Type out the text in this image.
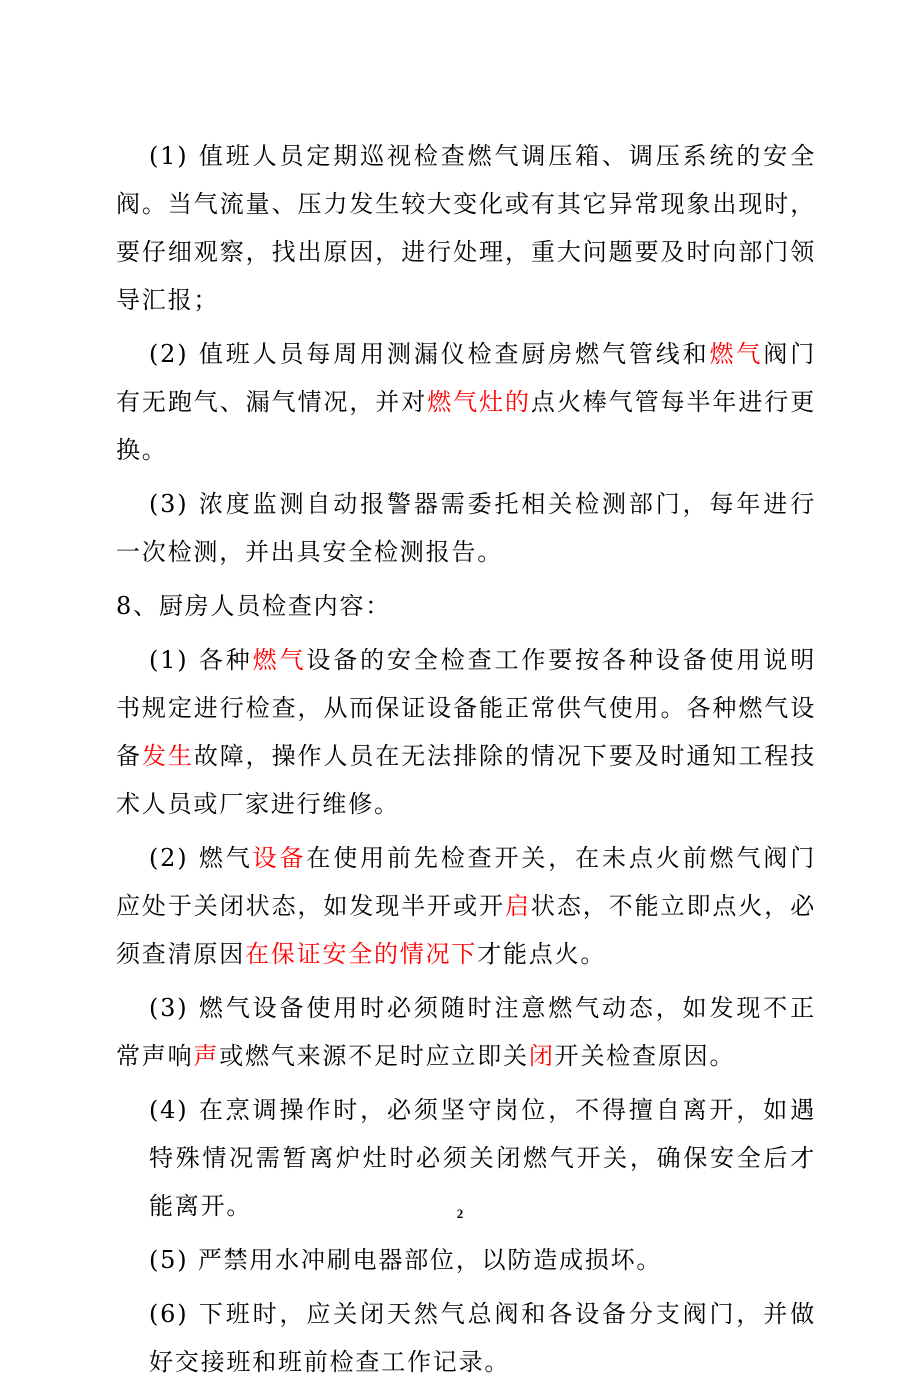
(1) 值班人员定期巡视检查燃气调压箱、调压系统的安全阀。当气流量、压力发生较大变化或有其它异常现象出现时，要仔细观察，找出原因，进行处理，重大问题要及时向部门领导汇报；

(2) 值班人员每周用测漏仪检查厨房燃气管线和燃气阀门有无跑气、漏气情况，并对燃气灶的点火棒气管每半年进行更换。

(3) 浓度监测自动报警器需委托相关检测部门，每年进行一次检测，并出具安全检测报告。

8、厨房人员检查内容：

(1) 各种燃气设备的安全检查工作要按各种设备使用说明书规定进行检查，从而保证设备能正常供气使用。各种燃气设备发生故障，操作人员在无法排除的情况下要及时通知工程技术人员或厂家进行维修。

(2) 燃气设备在使用前先检查开关，在未点火前燃气阀门应处于关闭状态，如发现半开或开启状态，不能立即点火，必须查清原因在保证安全的情况下才能点火。

(3) 燃气设备使用时必须随时注意燃气动态，如发现不正常声响声或燃气来源不足时应立即关闭开关检查原因。

(4) 在烹调操作时，必须坚守岗位，不得擅自离开，如遇特殊情况需暂离炉灶时必须关闭燃气开关，确保安全后才能离开。

(5) 严禁用水冲刷电器部位，以防造成损坏。

(6) 下班时，应关闭天然气总阀和各设备分支阀门，并做好交接班和班前检查工作记录。

2
